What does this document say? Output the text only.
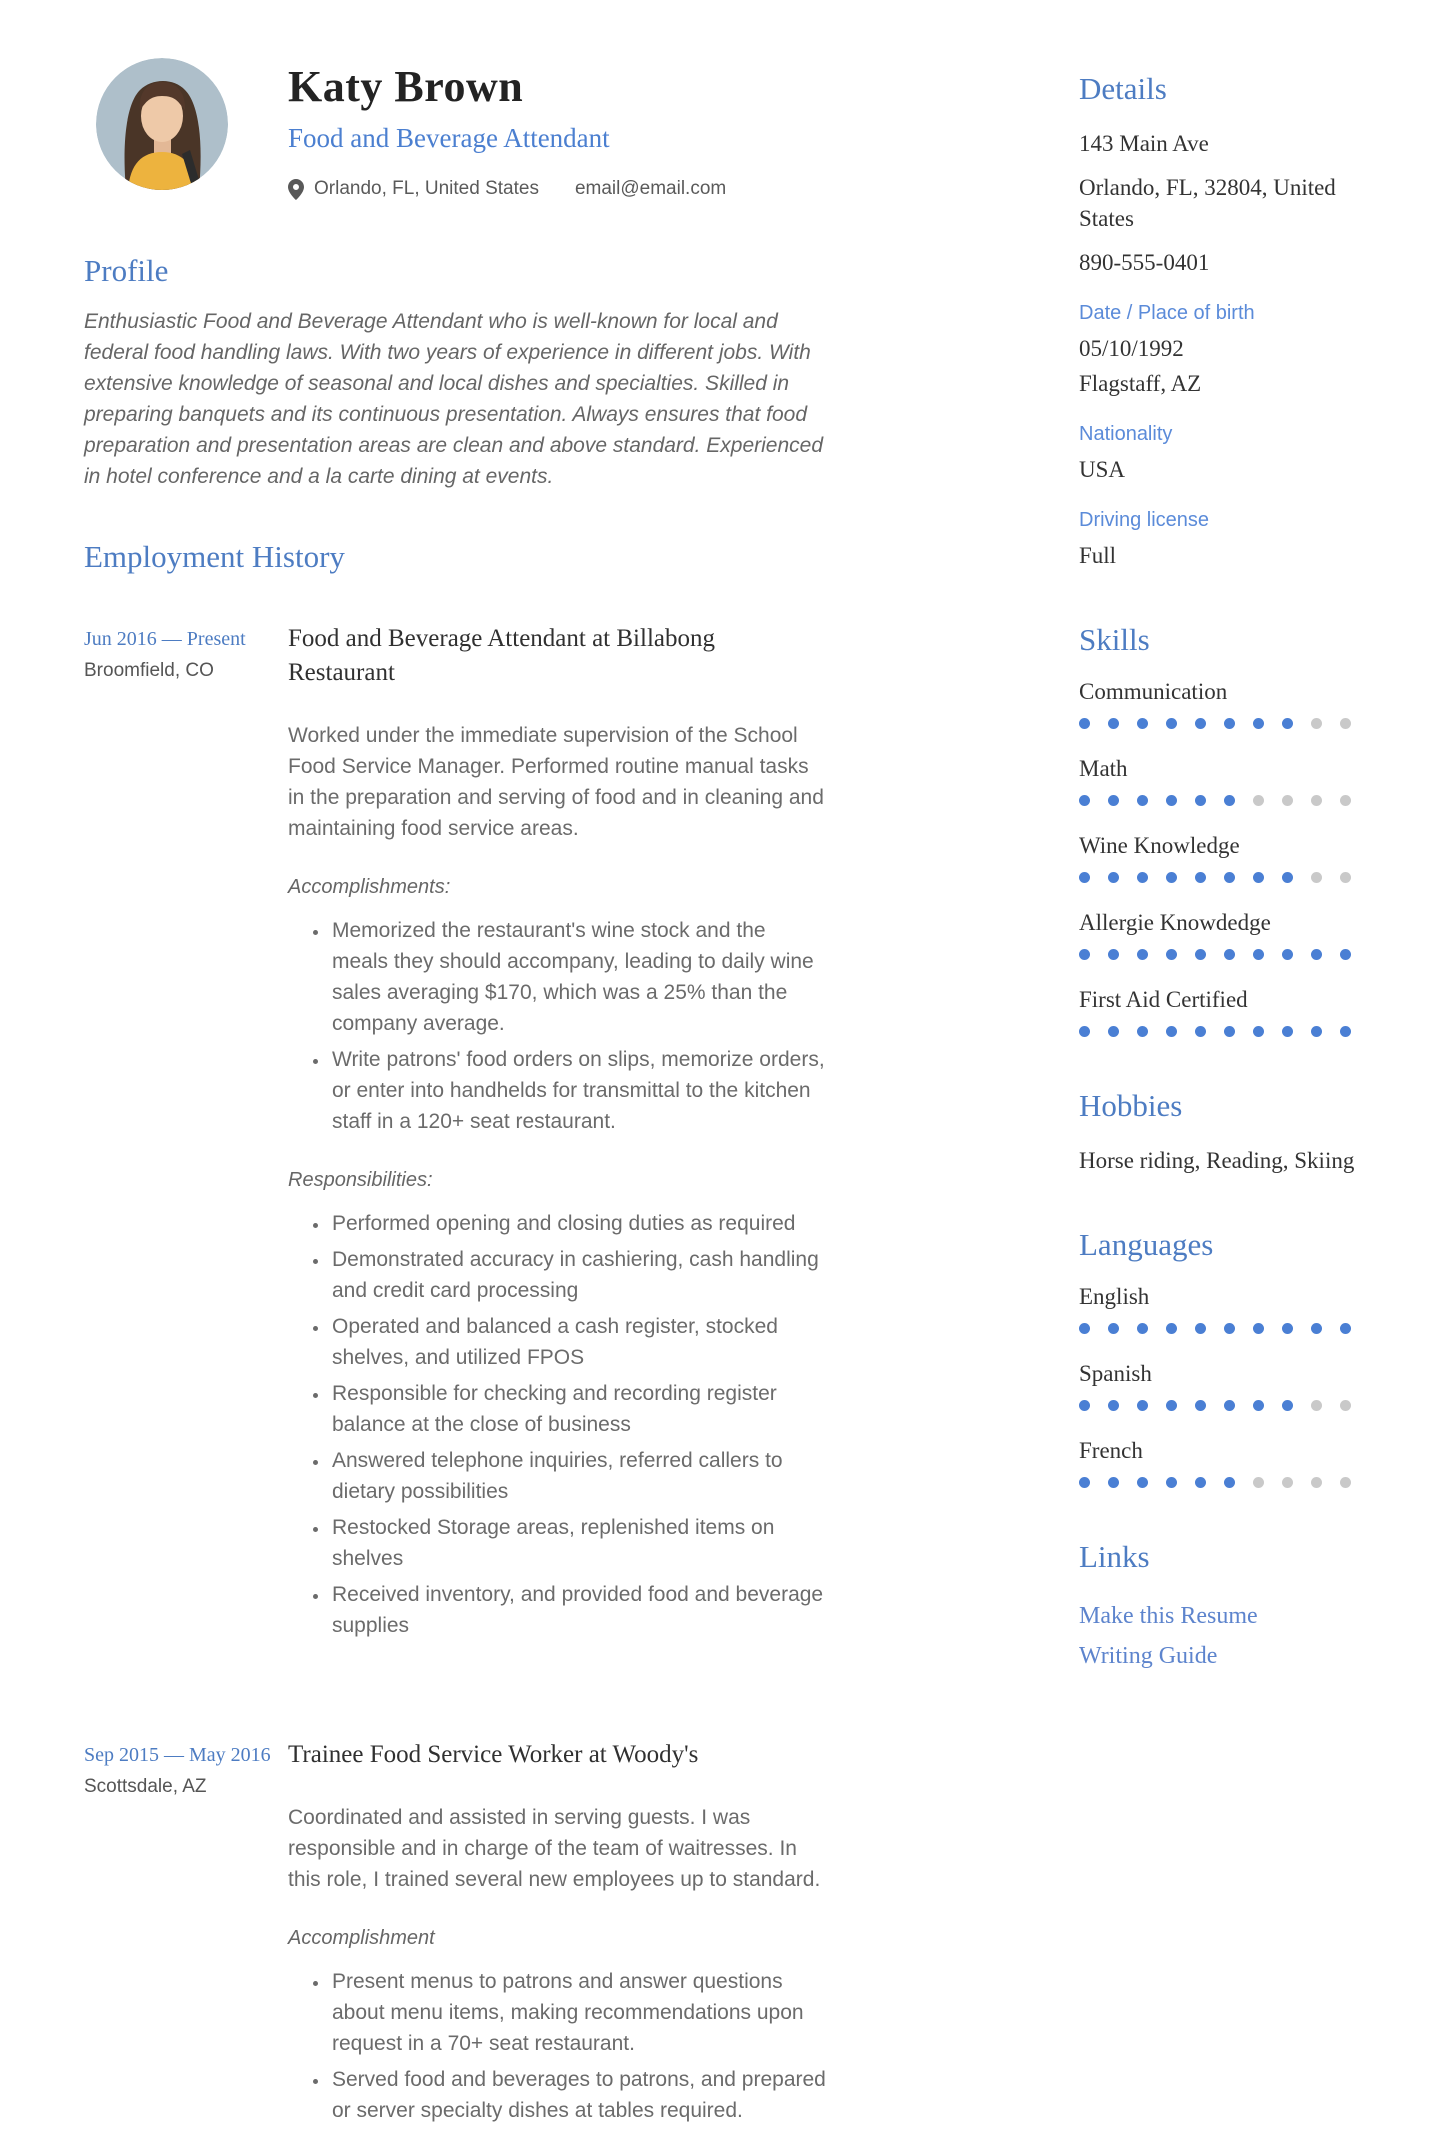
Katy Brown
Food and Beverage Attendant
Orlando, FL, United States email@email.com
Profile

Enthusiastic Food and Beverage Attendant who is well-known for local and federal food handling laws. With two years of experience in different jobs. With extensive knowledge of seasonal and local dishes and specialties. Skilled in preparing banquets and its continuous presentation. Always ensures that food preparation and presentation areas are clean and above standard. Experienced in hotel conference and a la carte dining at events.

Employment History
Jun 2016 — Present
Broomfield, CO
Food and Beverage Attendant at Billabong Restaurant

Worked under the immediate supervision of the School Food Service Manager. Performed routine manual tasks in the preparation and serving of food and in cleaning and maintaining food service areas.

Accomplishments:

• Memorized the restaurant's wine stock and the meals they should accompany, leading to daily wine sales averaging $170, which was a 25% than the company average.
• Write patrons' food orders on slips, memorize orders, or enter into handhelds for transmittal to the kitchen staff in a 120+ seat restaurant.

Responsibilities:

• Performed opening and closing duties as required
• Demonstrated accuracy in cashiering, cash handling and credit card processing
• Operated and balanced a cash register, stocked shelves, and utilized FPOS
• Responsible for checking and recording register balance at the close of business
• Answered telephone inquiries, referred callers to dietary possibilities
• Restocked Storage areas, replenished items on shelves
• Received inventory, and provided food and beverage supplies
Sep 2015 — May 2016
Scottsdale, AZ
Trainee Food Service Worker at Woody's

Coordinated and assisted in serving guests. I was responsible and in charge of the team of waitresses. In this role, I trained several new employees up to standard.

Accomplishment

• Present menus to patrons and answer questions about menu items, making recommendations upon request in a 70+ seat restaurant.
• Served food and beverages to patrons, and prepared or server specialty dishes at tables required.
Details
143 Main Ave
Orlando, FL, 32804, United States
890-555-0401
Date / Place of birth
05/10/1992
Flagstaff, AZ
Nationality
USA
Driving license
Full
Skills
Communication
Math
Wine Knowledge
Allergie Knowdedge
First Aid Certified
Hobbies
Horse riding, Reading, Skiing
Languages
English
Spanish
French
Links
Make this Resume
Writing Guide
